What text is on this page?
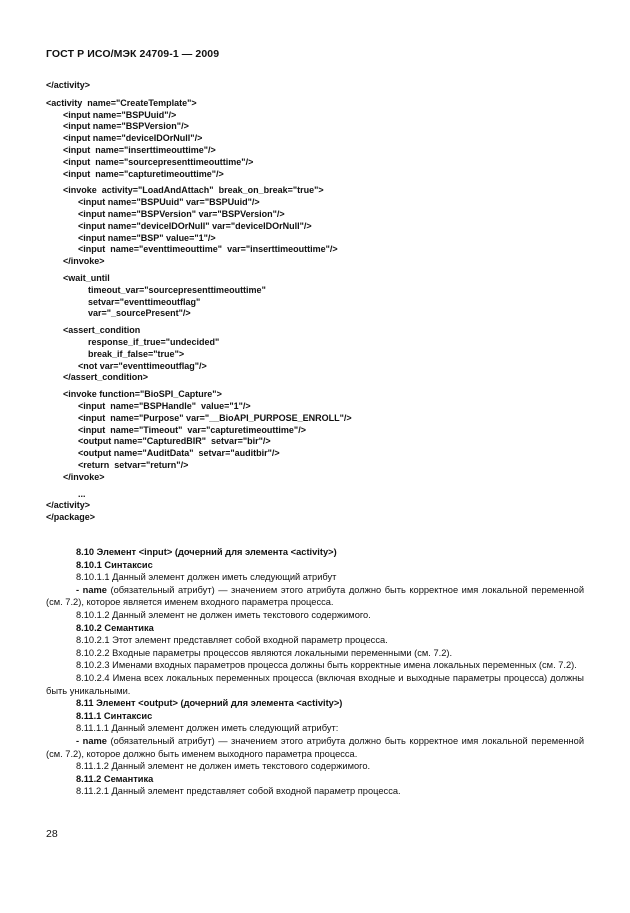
ГОСТ Р ИСО/МЭК 24709-1 — 2009
</activity>
<activity  name="CreateTemplate">
<input name="BSPUuid"/>
<input name="BSPVersion"/>
<input name="deviceIDOrNull"/>
<input  name="inserttimeouttime"/>
<input  name="sourcepresenttimeouttime"/>
<input  name="capturetimeouttime"/>
<invoke  activity="LoadAndAttach"  break_on_break="true">
<input name="BSPUuid" var="BSPUuid"/>
<input name="BSPVersion" var="BSPVersion"/>
<input name="deviceIDOrNull" var="deviceIDOrNull"/>
<input name="BSP" value="1"/>
<input  name="eventtimeouttime"  var="inserttimeouttime"/>
</invoke>
<wait_until
timeout_var="sourcepresenttimeouttime"
setvar="eventtimeoutflag"
var="_sourcePresent"/>
<assert_condition
response_if_true="undecided"
break_if_false="true">
<not var="eventtimeoutflag"/>
</assert_condition>
<invoke function="BioSPI_Capture">
<input  name="BSPHandle"  value="1"/>
<input  name="Purpose" var="__BioAPI_PURPOSE_ENROLL"/>
<input  name="Timeout"  var="capturetimeouttime"/>
<output name="CapturedBIR"  setvar="bir"/>
<output name="AuditData"  setvar="auditbir"/>
<return  setvar="return"/>
</invoke>
...
</activity>
</package>

8.10 Элемент <input> (дочерний для элемента <activity>)

8.10.1 Синтаксис

8.10.1.1 Данный элемент должен иметь следующий атрибут

- name (обязательный атрибут) — значением этого атрибута должно быть корректное имя локальной переменной (см. 7.2), которое является именем входного параметра процесса.

8.10.1.2 Данный элемент не должен иметь текстового содержимого.

8.10.2 Семантика

8.10.2.1 Этот элемент представляет собой входной параметр процесса.

8.10.2.2 Входные параметры процессов являются локальными переменными (см. 7.2).

8.10.2.3 Именами входных параметров процесса должны быть корректные имена локальных переменных (см. 7.2).

8.10.2.4 Имена всех локальных переменных процесса (включая входные и выходные параметры процесса) должны быть уникальными.

8.11 Элемент <output> (дочерний для элемента <activity>)

8.11.1 Синтаксис

8.11.1.1 Данный элемент должен иметь следующий атрибут:

- name (обязательный атрибут) — значением этого атрибута должно быть корректное имя локальной переменной (см. 7.2), которое должно быть именем выходного параметра процесса.

8.11.1.2 Данный элемент не должен иметь текстового содержимого.

8.11.2 Семантика

8.11.2.1 Данный элемент представляет собой входной параметр процесса.

28
